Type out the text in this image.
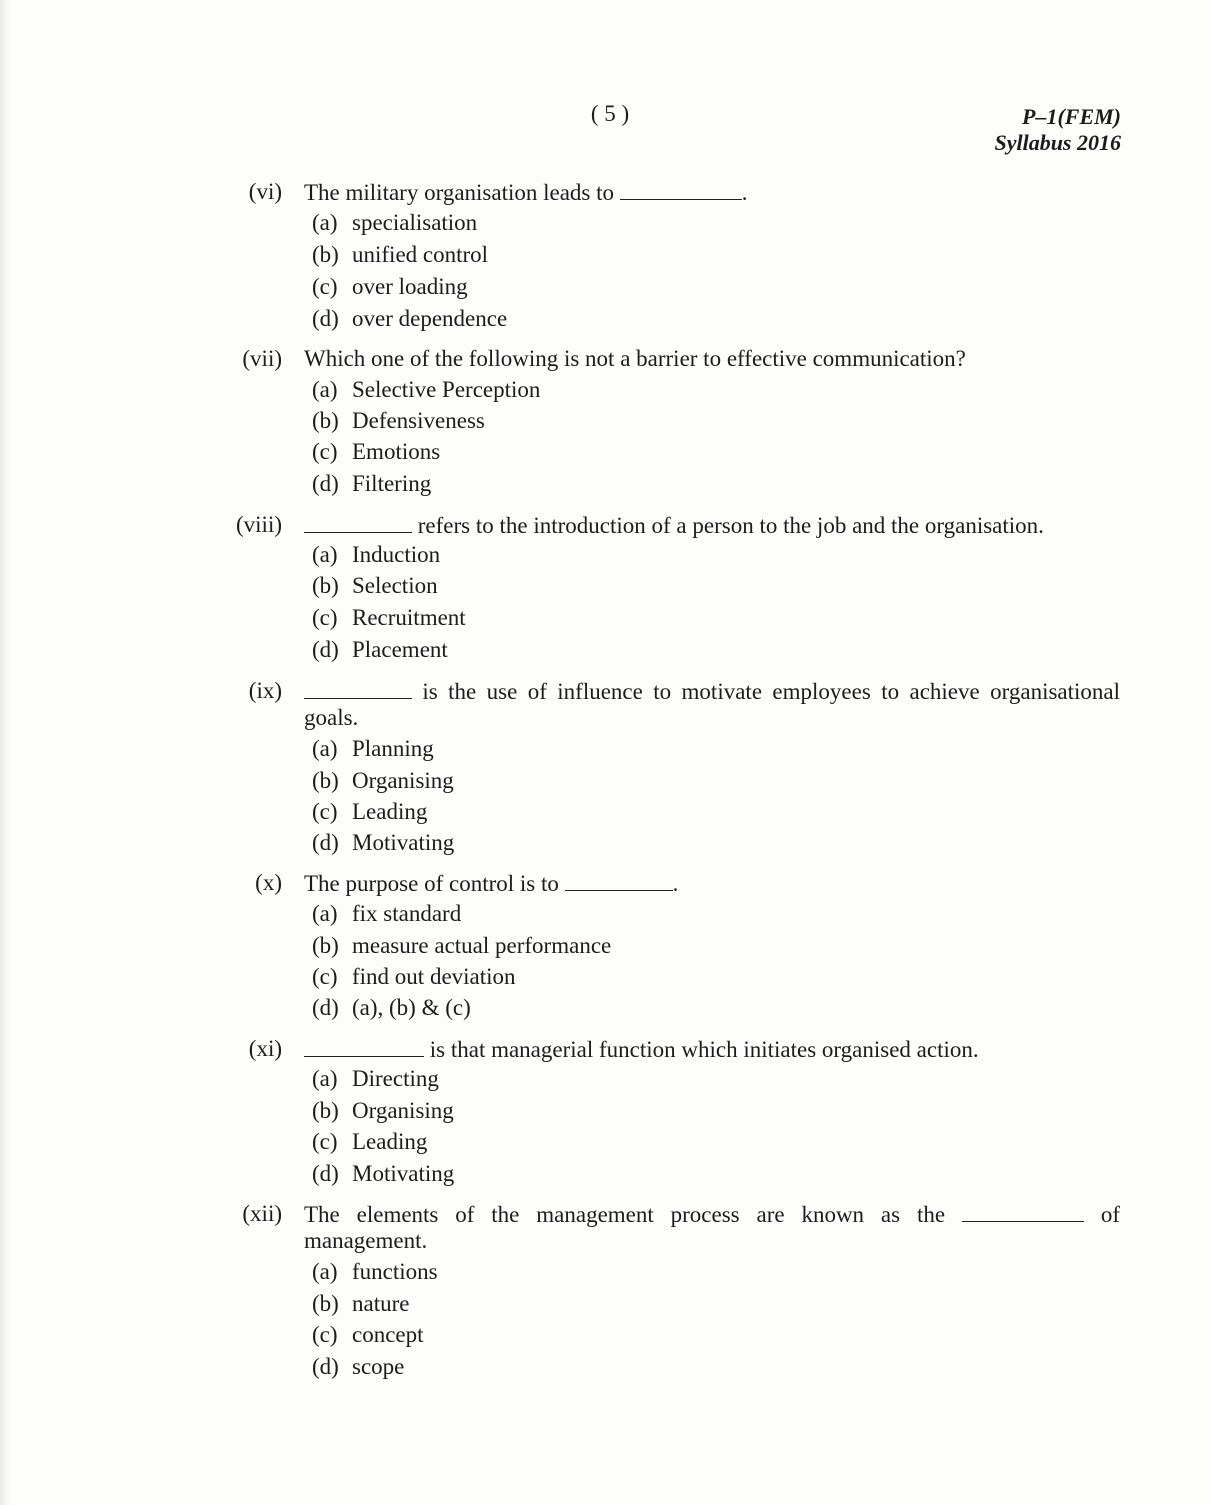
( 5 )	P–1(FEM)
Syllabus 2016
(vi) The military organisation leads to	.
(a) specialisation
(b) unified control
(c) over loading
(d) over dependence
(vii) Which one of the following is not a barrier to effective communication?
(a) Selective Perception
(b) Defensiveness
(c) Emotions
(d) Filtering
(viii)	refers to the introduction of a person to the job and the organisation.
(a) Induction
(b) Selection
(c) Recruitment
(d) Placement
(ix)	is the use of influence to motivate employees to achieve organisational goals.
(a) Planning
(b) Organising
(c) Leading
(d) Motivating
(x) The purpose of control is to	.
(a) fix standard
(b) measure actual performance
(c) find out deviation
(d) (a), (b) & (c)
(xi)	is that managerial function which initiates organised action.
(a) Directing
(b) Organising
(c) Leading
(d) Motivating
(xii) The elements of the management process are known as the	of management.
(a) functions
(b) nature
(c) concept
(d) scope
